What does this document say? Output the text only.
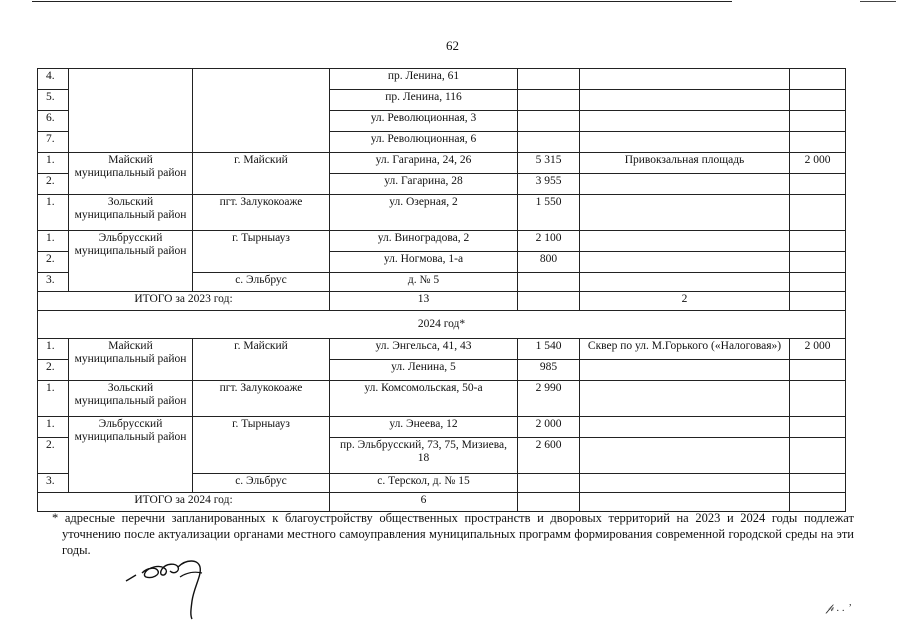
62
4.			пр. Ленина, 61			
5.			пр. Ленина, 116			
6.			ул. Революционная, 3			
7.			ул. Революционная, 6			
1.	Майский муниципальный район	г. Майский	ул. Гагарина, 24, 26	5 315	Привокзальная площадь	2 000
2.			ул. Гагарина, 28	3 955		
1.	Зольский муниципальный район	пгт. Залукокоаже	ул. Озерная, 2	1 550		
1.	Эльбрусский муниципальный район	г. Тырныауз	ул. Виноградова, 2	2 100		
2.			ул. Ногмова, 1-а	800		
3.		с. Эльбрус	д. № 5			
ИТОГО за 2023 год:			13		2	
2024 год*						
1.	Майский муниципальный район	г. Майский	ул. Энгельса, 41, 43	1 540	Сквер по ул. М.Горького («Налоговая»)	2 000
2.			ул. Ленина, 5	985		
1.	Зольский муниципальный район	пгт. Залукокоаже	ул. Комсомольская, 50-а	2 990		
1.	Эльбрусский муниципальный район	г. Тырныауз	ул. Энеева, 12	2 000		
2.			пр. Эльбрусский, 73, 75, Мизиева, 18	2 600		
3.		с. Эльбрус	с. Терскол, д. № 15			
ИТОГО за 2024 год:			6			
* адресные перечни запланированных к благоустройству общественных пространств и дворовых территорий на 2023 и 2024 годы подлежат уточнению после актуализации органами местного самоуправления муниципальных программ формирования современной городской среды на эти годы.
𝓅 . . ʼ
